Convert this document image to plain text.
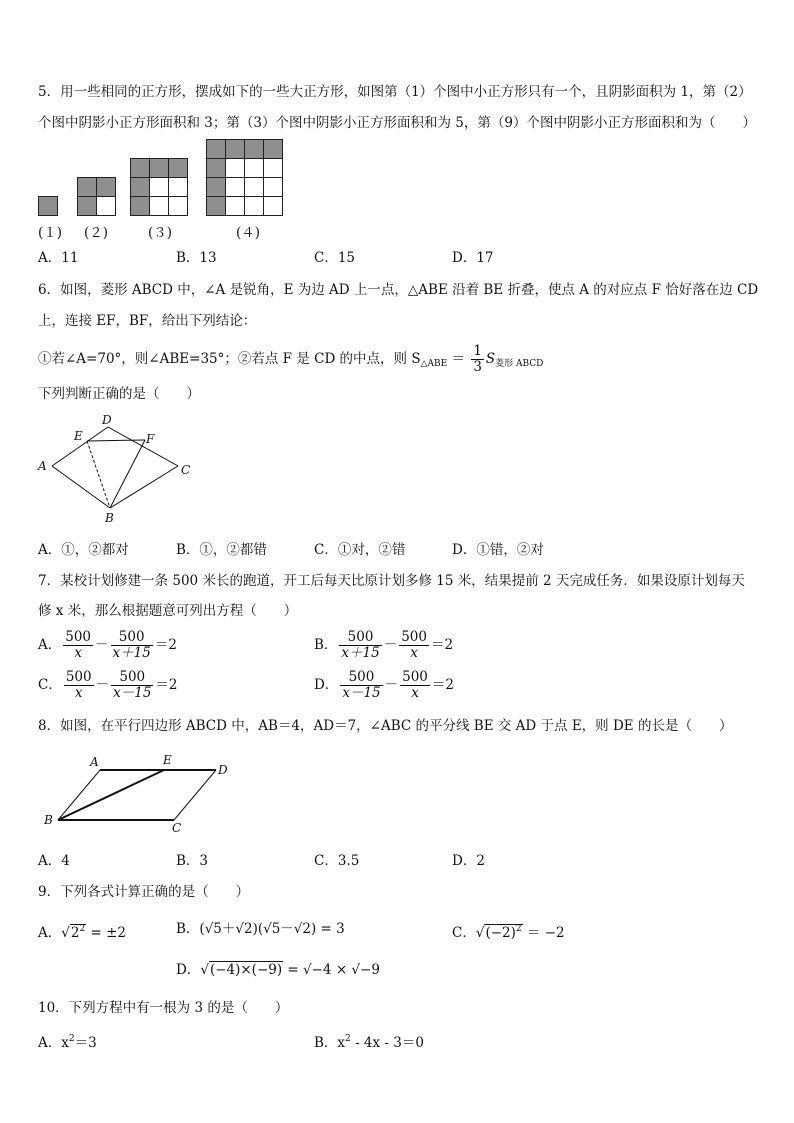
5．用一些相同的正方形，摆成如下的一些大正方形，如图第（1）个图中小正方形只有一个，且阴影面积为 1，第（2）
个图中阴影小正方形面积和 3；第（3）个图中阴影小正方形面积和为 5，第（9）个图中阴影小正方形面积和为（　　）
(１) (２)	(３)	(４)
A．11	B．13	C．15	D．17
6．如图，菱形 ABCD 中，∠A 是锐角，E 为边 AD 上一点，△ABE 沿着 BE 折叠，使点 A 的对应点 F 恰好落在边 CD
上，连接 EF，BF，给出下列结论：
①若∠A=70°，则∠ABE=35°；②若点 F 是 CD 的中点，则 $S_{\triangle ABE} = \frac{1}{3} S_{菱形 ABCD}$
下列判断正确的是（　　）
D
E	F
A	C
B
A．①，②都对	B．①，②都错	C．①对，②错	D．①错，②对
7．某校计划修建一条 500 米长的跑道，开工后每天比原计划多修 15 米，结果提前 2 天完成任务．如果设原计划每天
修 x 米，那么根据题意可列出方程（　　）
A． $\frac{500}{x} - \frac{500}{x+15} =2$	B． $\frac{500}{x+15} - \frac{500}{x} =2$
C． $\frac{500}{x} - \frac{500}{x-15} =2$	D． $\frac{500}{x-15} - \frac{500}{x} =2$
8．如图，在平行四边形 ABCD 中，AB＝4，AD＝7，∠ABC 的平分线 BE 交 AD 于点 E，则 DE 的长是（　　）
A	E
D
B
C
A．4	B．3	C．3.5	D．2
9．下列各式计算正确的是（　　）
A．$√2^2 = \pm 2$	B．(√5＋√2)(√5－√2) = 3	C．$√(-2)^2 = -2$
D．√(−4)×(−9) = √−4 × √−9
10．下列方程中有一根为 3 的是（　　）
A．$x^2=3$	B．$x^2 - 4x - 3=0$
